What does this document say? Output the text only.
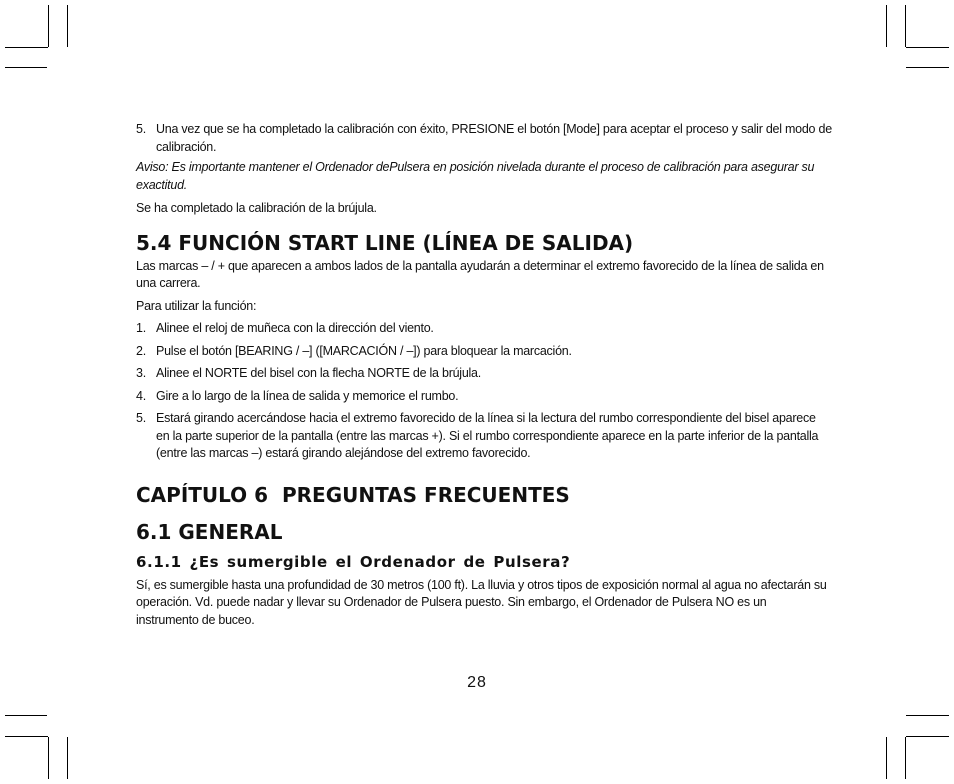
5. Una vez que se ha completado la calibración con éxito, PRESIONE el botón [Mode] para aceptar el proceso y salir del modo de calibración.

Aviso: Es importante mantener el Ordenador dePulsera en posición nivelada durante el proceso de calibración para asegurar su exactitud.

Se ha completado la calibración de la brújula.

5.4 FUNCIÓN START LINE (LÍNEA DE SALIDA)

Las marcas – / + que aparecen a ambos lados de la pantalla ayudarán a determinar el extremo favorecido de la línea de salida en una carrera.

Para utilizar la función:

1. Alinee el reloj de muñeca con la dirección del viento.
2. Pulse el botón [BEARING / –] ([MARCACIÓN / –]) para bloquear la marcación.
3. Alinee el NORTE del bisel con la flecha NORTE de la brújula.
4. Gire a lo largo de la línea de salida y memorice el rumbo.
5. Estará girando acercándose hacia el extremo favorecido de la línea si la lectura del rumbo correspondiente del bisel aparece en la parte superior de la pantalla (entre las marcas +). Si el rumbo correspondiente aparece en la parte inferior de la pantalla (entre las marcas –) estará girando alejándose del extremo favorecido.
CAPÍTULO 6  PREGUNTAS FRECUENTES
6.1 GENERAL
6.1.1 ¿Es sumergible el Ordenador de Pulsera?

Sí, es sumergible hasta una profundidad de 30 metros (100 ft). La lluvia y otros tipos de exposición normal al agua no afectarán su operación. Vd. puede nadar y llevar su Ordenador de Pulsera puesto. Sin embargo, el Ordenador de Pulsera NO es un instrumento de buceo.

28
